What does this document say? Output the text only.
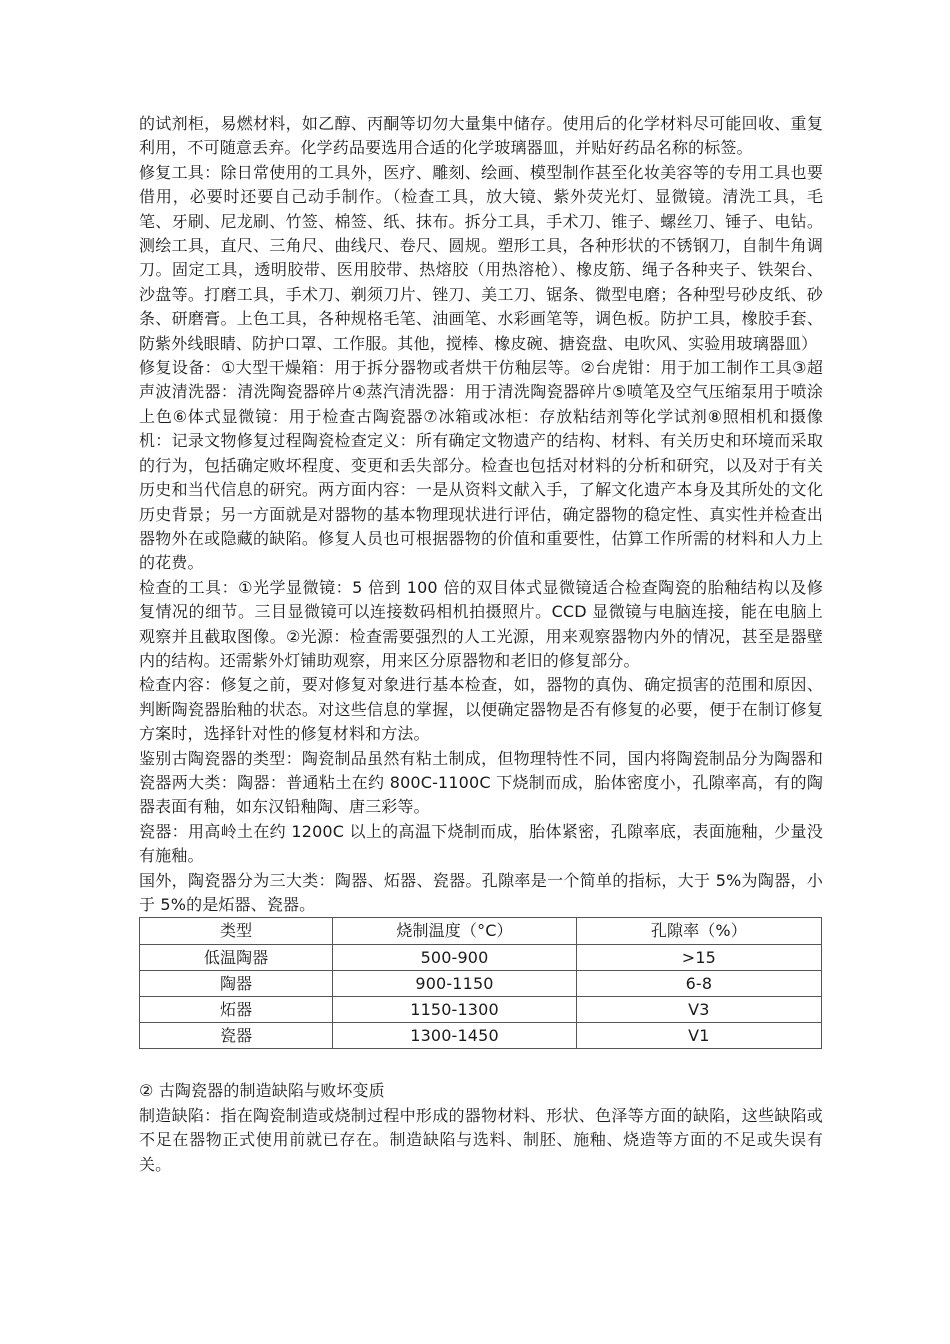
的试剂柜，易燃材料，如乙醇、丙酮等切勿大量集中储存。使用后的化学材料尽可能回收、重复利用，不可随意丢弃。化学药品要选用合适的化学玻璃器皿，并贴好药品名称的标签。

修复工具：除日常使用的工具外，医疗、雕刻、绘画、模型制作甚至化妆美容等的专用工具也要借用，必要时还要自己动手制作。（检查工具，放大镜、紫外荧光灯、显微镜。清洗工具，毛笔、牙刷、尼龙刷、竹签、棉签、纸、抹布。拆分工具，手术刀、锥子、螺丝刀、锤子、电钻。测绘工具，直尺、三角尺、曲线尺、卷尺、圆规。塑形工具，各种形状的不锈钢刀，自制牛角调刀。固定工具，透明胶带、医用胶带、热熔胶（用热溶枪）、橡皮筋、绳子各种夹子、铁架台、沙盘等。打磨工具，手术刀、剃须刀片、锉刀、美工刀、锯条、微型电磨；各种型号砂皮纸、砂条、研磨膏。上色工具，各种规格毛笔、油画笔、水彩画笔等，调色板。防护工具，橡胶手套、防紫外线眼睛、防护口罩、工作服。其他，搅棒、橡皮碗、搪瓷盘、电吹风、实验用玻璃器皿）

修复设备：①大型干燥箱：用于拆分器物或者烘干仿釉层等。②台虎钳：用于加工制作工具③超声波清洗器：清洗陶瓷器碎片④蒸汽清洗器：用于清洗陶瓷器碎片⑤喷笔及空气压缩泵用于喷涂上色⑥体式显微镜：用于检查古陶瓷器⑦冰箱或冰柜：存放粘结剂等化学试剂⑧照相机和摄像机：记录文物修复过程陶瓷检查定义：所有确定文物遗产的结构、材料、有关历史和环境而采取的行为，包括确定败坏程度、变更和丢失部分。检查也包括对材料的分析和研究，以及对于有关历史和当代信息的研究。两方面内容：一是从资料文献入手，了解文化遗产本身及其所处的文化历史背景；另一方面就是对器物的基本物理现状进行评估，确定器物的稳定性、真实性并检查出器物外在或隐藏的缺陷。修复人员也可根据器物的价值和重要性，估算工作所需的材料和人力上的花费。

检查的工具：①光学显微镜：5 倍到 100 倍的双目体式显微镜适合检查陶瓷的胎釉结构以及修复情况的细节。三目显微镜可以连接数码相机拍摄照片。CCD 显微镜与电脑连接，能在电脑上观察并且截取图像。②光源：检查需要强烈的人工光源，用来观察器物内外的情况，甚至是器壁内的结构。还需紫外灯铺助观察，用来区分原器物和老旧的修复部分。

检查内容：修复之前，要对修复对象进行基本检查，如，器物的真伪、确定损害的范围和原因、判断陶瓷器胎釉的状态。对这些信息的掌握，以便确定器物是否有修复的必要，便于在制订修复方案时，选择针对性的修复材料和方法。

鉴别古陶瓷器的类型：陶瓷制品虽然有粘土制成，但物理特性不同，国内将陶瓷制品分为陶器和瓷器两大类：陶器：普通粘土在约 800C-1100C 下烧制而成，胎体密度小，孔隙率高，有的陶器表面有釉，如东汉铅釉陶、唐三彩等。

瓷器：用高岭土在约 1200C 以上的高温下烧制而成，胎体紧密，孔隙率底，表面施釉，少量没有施釉。

国外，陶瓷器分为三大类：陶器、炻器、瓷器。孔隙率是一个简单的指标，大于 5%为陶器，小于 5%的是炻器、瓷器。

类型	烧制温度（°C）	孔隙率（%）
低温陶器	500-900	>15
陶器	900-1150	6-8
炻器	1150-1300	V3
瓷器	1300-1450	V1

② 古陶瓷器的制造缺陷与败坏变质

制造缺陷：指在陶瓷制造或烧制过程中形成的器物材料、形状、色泽等方面的缺陷，这些缺陷或不足在器物正式使用前就已存在。制造缺陷与选料、制胚、施釉、烧造等方面的不足或失误有关。
